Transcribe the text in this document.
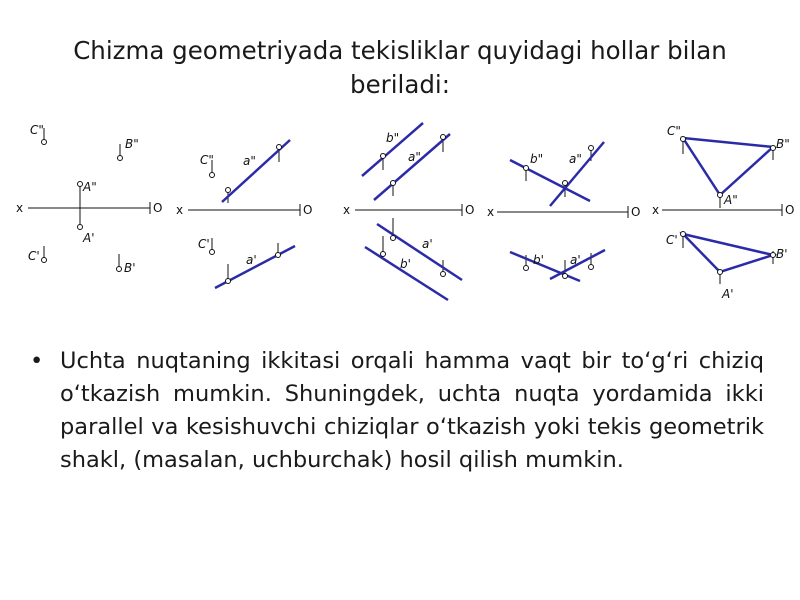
Chizma geometriyada tekisliklar quyidagi hollar bilan beriladi:
C"
B"
A"
x	O
A'
C'
B'
C" a"
x	O
C'
a'
b"
a"
x	O
a'
b'
b" a"
x	O
b' a'
C"
B"
A"
x	O
C'
B'
A'
• Uchta nuqtaning ikkitasi orqali hamma vaqt bir to‘g‘ri chiziq o‘tkazish mumkin. Shuningdek, uchta nuqta yordamida ikki parallel va kesishuvchi chiziqlar o‘tkazish yoki tekis geometrik shakl, (masalan, uchburchak) hosil qilish mumkin.
